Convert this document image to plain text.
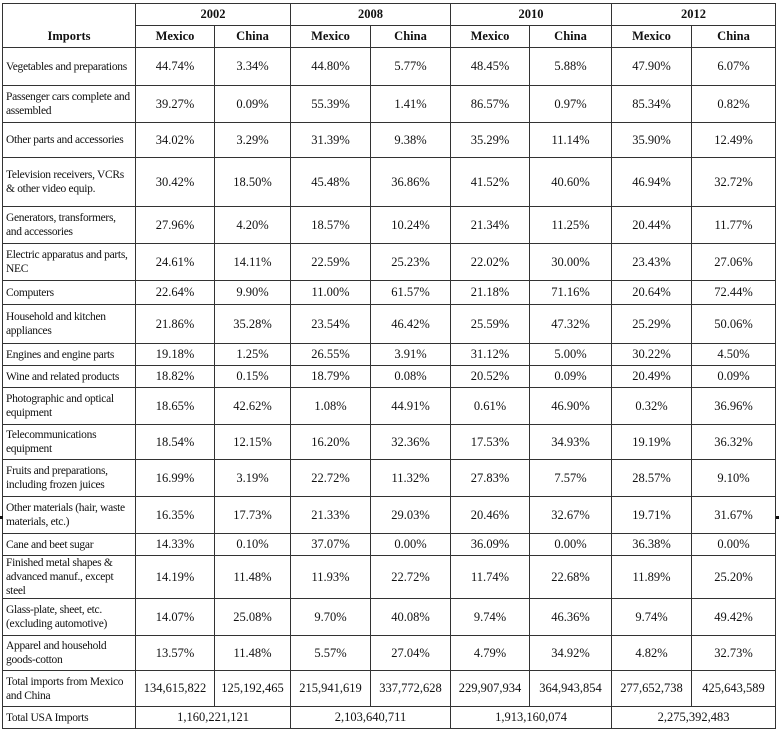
	2002		2008		2010		2012	
Imports	Mexico	China	Mexico	China	Mexico	China	Mexico	China
Vegetables and preparations	44.74%	3.34%	44.80%	5.77%	48.45%	5.88%	47.90%	6.07%
Passenger cars complete and assembled	39.27%	0.09%	55.39%	1.41%	86.57%	0.97%	85.34%	0.82%
Other parts and accessories	34.02%	3.29%	31.39%	9.38%	35.29%	11.14%	35.90%	12.49%
Television receivers, VCRs & other video equip.	30.42%	18.50%	45.48%	36.86%	41.52%	40.60%	46.94%	32.72%
Generators, transformers, and accessories	27.96%	4.20%	18.57%	10.24%	21.34%	11.25%	20.44%	11.77%
Electric apparatus and parts, NEC	24.61%	14.11%	22.59%	25.23%	22.02%	30.00%	23.43%	27.06%
Computers	22.64%	9.90%	11.00%	61.57%	21.18%	71.16%	20.64%	72.44%
Household and kitchen appliances	21.86%	35.28%	23.54%	46.42%	25.59%	47.32%	25.29%	50.06%
Engines and engine parts	19.18%	1.25%	26.55%	3.91%	31.12%	5.00%	30.22%	4.50%
Wine and related products	18.82%	0.15%	18.79%	0.08%	20.52%	0.09%	20.49%	0.09%
Photographic and optical equipment	18.65%	42.62%	1.08%	44.91%	0.61%	46.90%	0.32%	36.96%
Telecommunications equipment	18.54%	12.15%	16.20%	32.36%	17.53%	34.93%	19.19%	36.32%
Fruits and preparations, including frozen juices	16.99%	3.19%	22.72%	11.32%	27.83%	7.57%	28.57%	9.10%
Other materials (hair, waste materials, etc.)	16.35%	17.73%	21.33%	29.03%	20.46%	32.67%	19.71%	31.67%
Cane and beet sugar	14.33%	0.10%	37.07%	0.00%	36.09%	0.00%	36.38%	0.00%
Finished metal shapes & advanced manuf., except steel	14.19%	11.48%	11.93%	22.72%	11.74%	22.68%	11.89%	25.20%
Glass-plate, sheet, etc. (excluding automotive)	14.07%	25.08%	9.70%	40.08%	9.74%	46.36%	9.74%	49.42%
Apparel and household goods-cotton	13.57%	11.48%	5.57%	27.04%	4.79%	34.92%	4.82%	32.73%
Total imports from Mexico and China	134,615,822	125,192,465	215,941,619	337,772,628	229,907,934	364,943,854	277,652,738	425,643,589
Total USA Imports	1,160,221,121		2,103,640,711		1,913,160,074		2,275,392,483	
